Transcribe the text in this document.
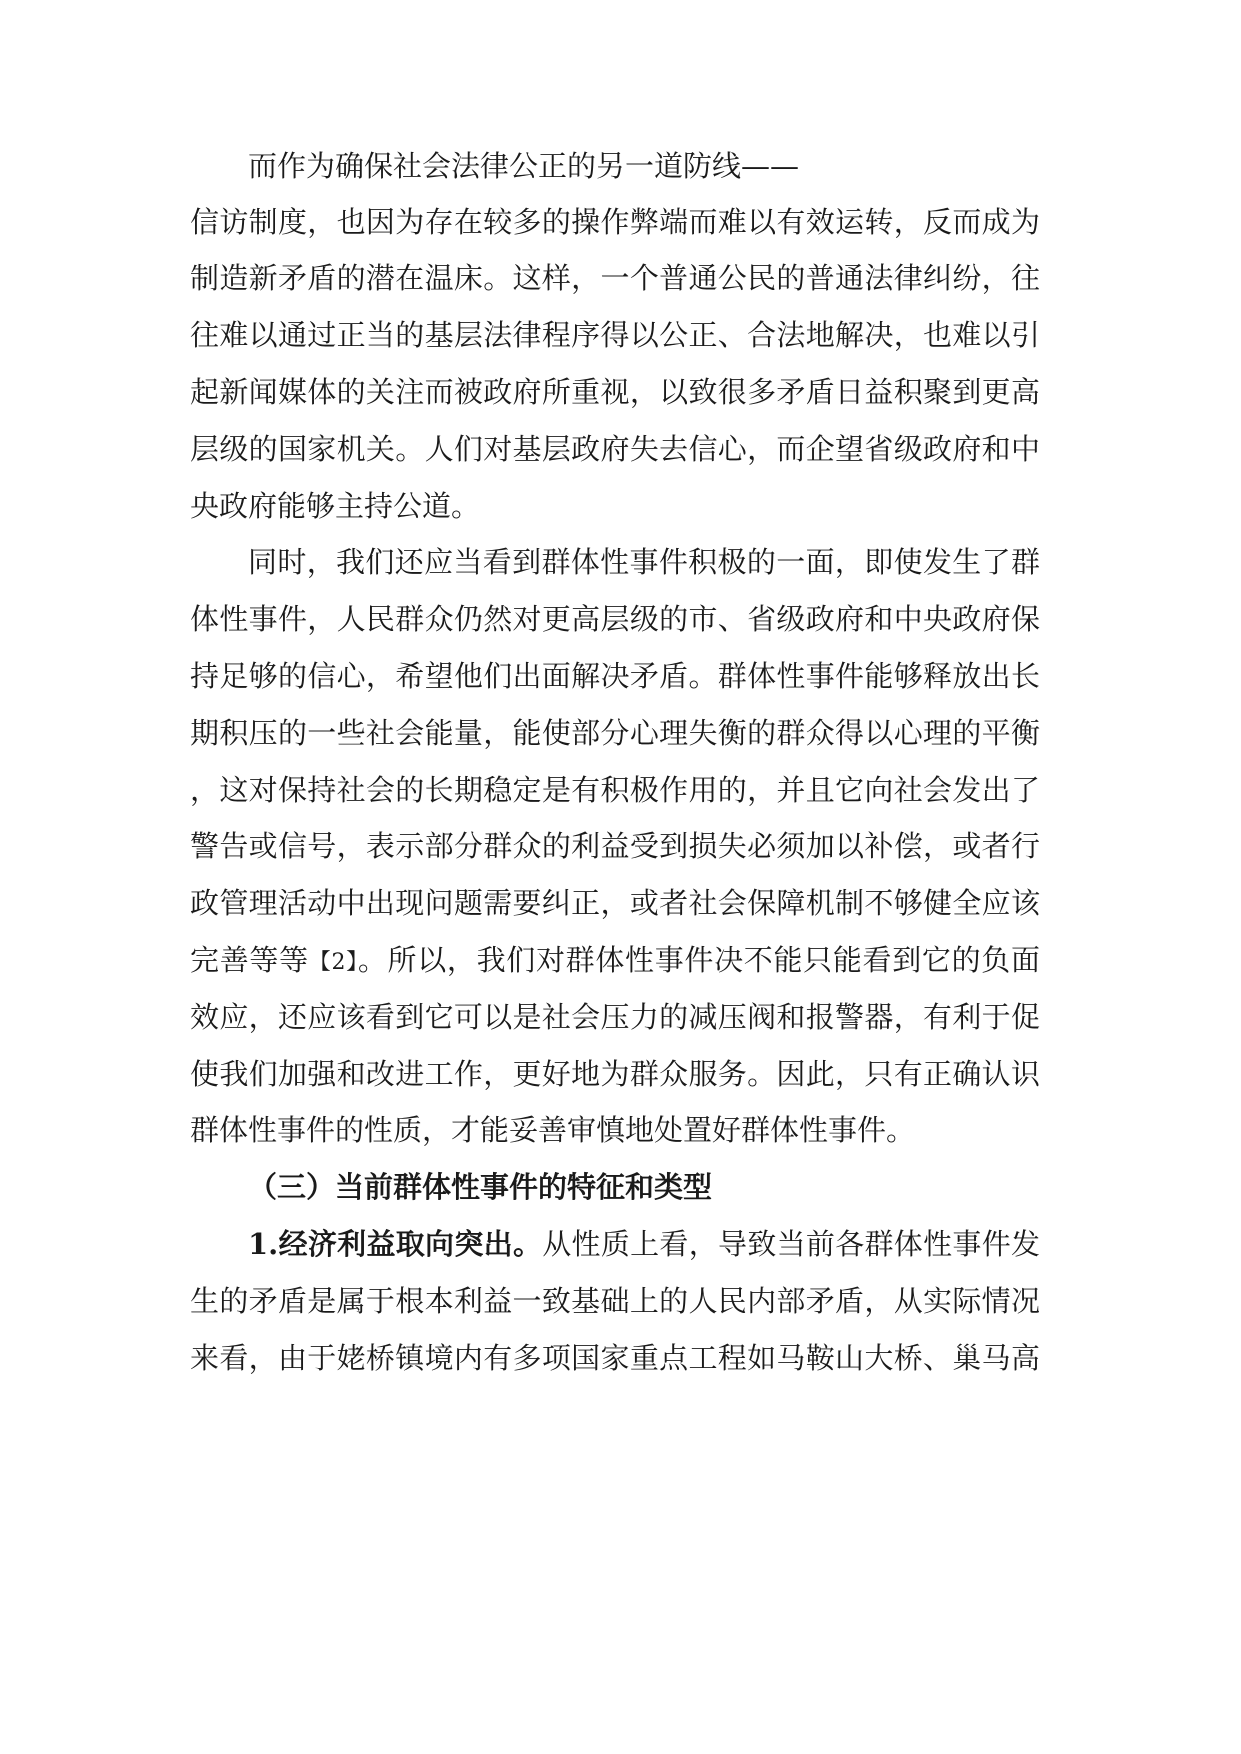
而作为确保社会法律公正的另一道防线——
信访制度，也因为存在较多的操作弊端而难以有效运转，反而成为
制造新矛盾的潜在温床。这样，一个普通公民的普通法律纠纷，往
往难以通过正当的基层法律程序得以公正、合法地解决，也难以引
起新闻媒体的关注而被政府所重视，以致很多矛盾日益积聚到更高
层级的国家机关。人们对基层政府失去信心，而企望省级政府和中
央政府能够主持公道。
同时，我们还应当看到群体性事件积极的一面，即使发生了群
体性事件，人民群众仍然对更高层级的市、省级政府和中央政府保
持足够的信心，希望他们出面解决矛盾。群体性事件能够释放出长
期积压的一些社会能量，能使部分心理失衡的群众得以心理的平衡
，这对保持社会的长期稳定是有积极作用的，并且它向社会发出了
警告或信号，表示部分群众的利益受到损失必须加以补偿，或者行
政管理活动中出现问题需要纠正，或者社会保障机制不够健全应该
完善等等【2】。所以，我们对群体性事件决不能只能看到它的负面
效应，还应该看到它可以是社会压力的减压阀和报警器，有利于促
使我们加强和改进工作，更好地为群众服务。因此，只有正确认识
群体性事件的性质，才能妥善审慎地处置好群体性事件。
（三）当前群体性事件的特征和类型
1.经济利益取向突出。从性质上看，导致当前各群体性事件发
生的矛盾是属于根本利益一致基础上的人民内部矛盾，从实际情况
来看，由于姥桥镇境内有多项国家重点工程如马鞍山大桥、巢马高
